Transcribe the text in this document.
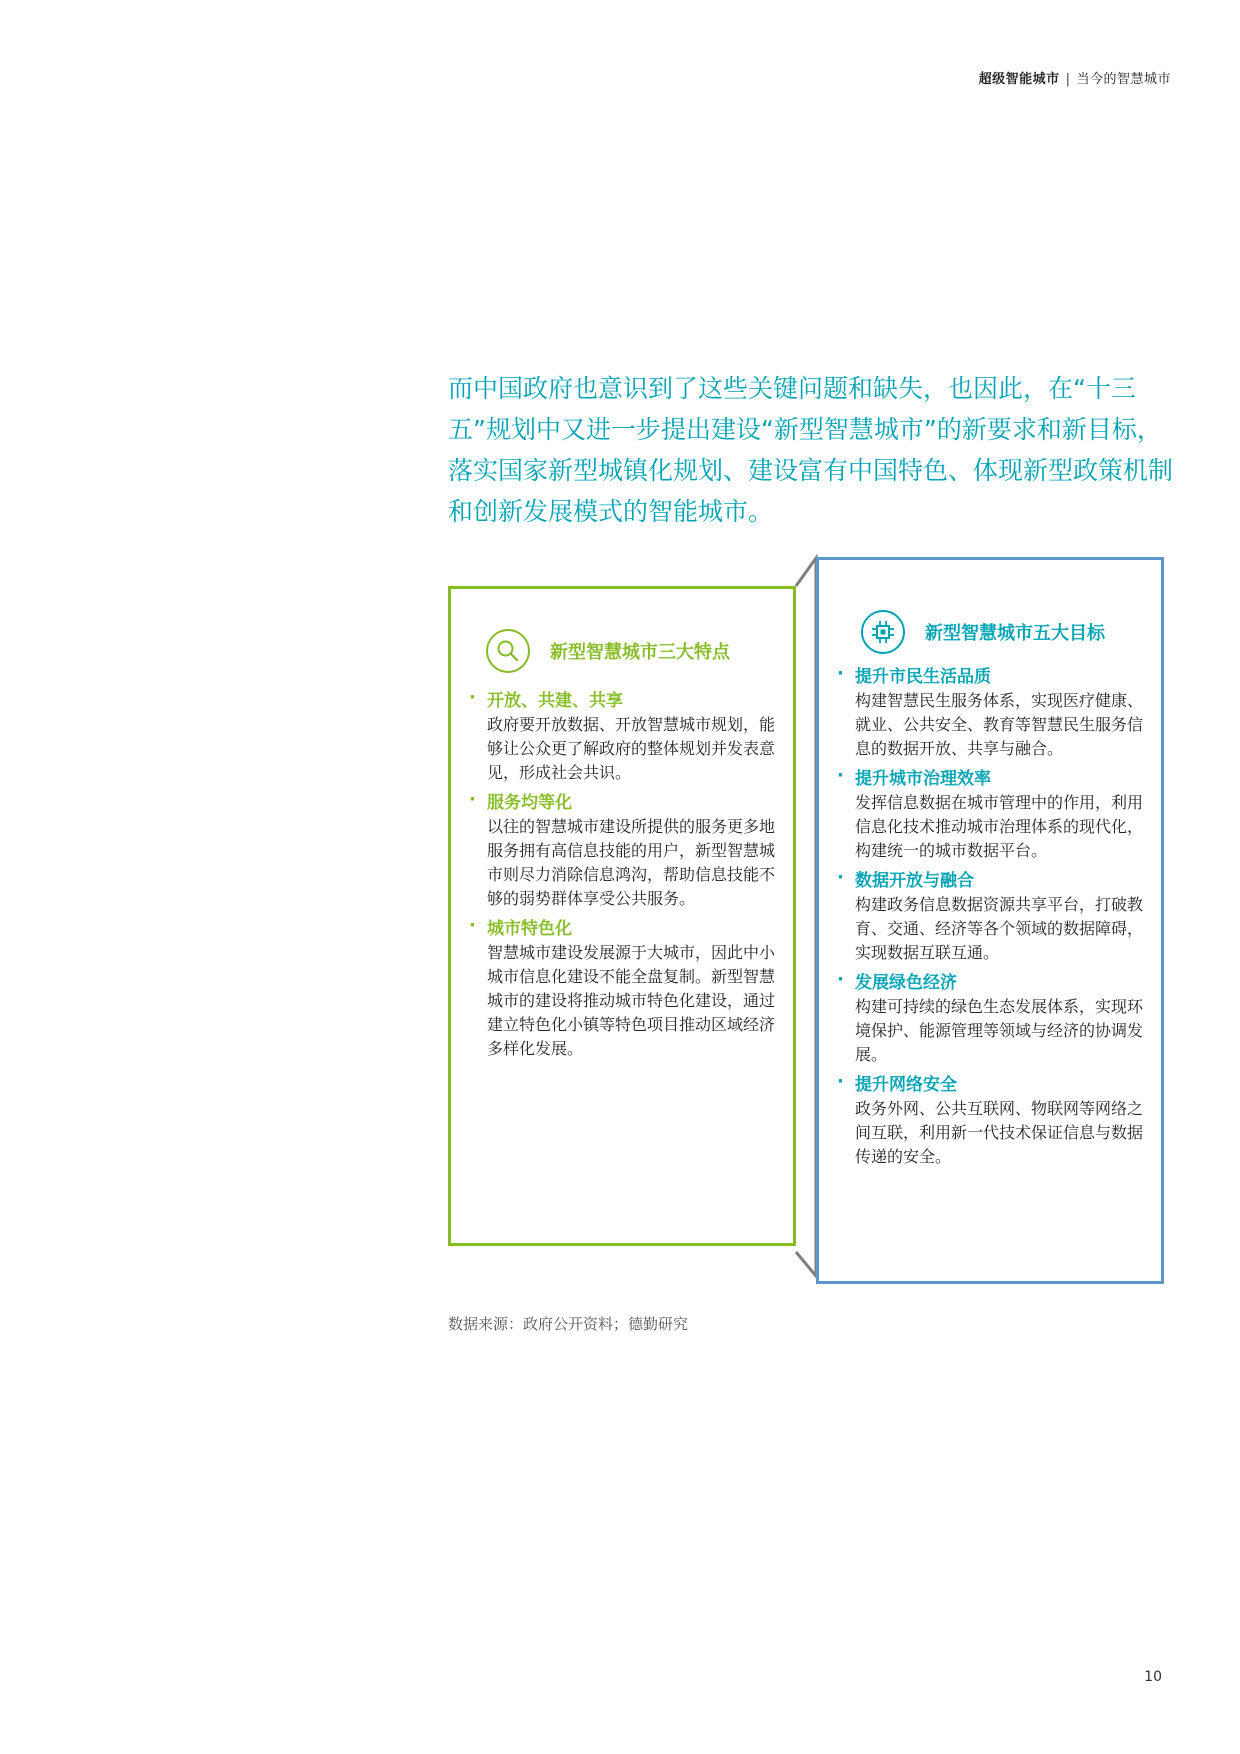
超级智能城市 | 当今的智慧城市
而中国政府也意识到了这些关键问题和缺失，也因此，在“十三五”规划中又进一步提出建设“新型智慧城市”的新要求和新目标，落实国家新型城镇化规划、建设富有中国特色、体现新型政策机制和创新发展模式的智能城市。
新型智慧城市三大特点
· 开放、共建、共享
政府要开放数据、开放智慧城市规划，能够让公众更了解政府的整体规划并发表意见，形成社会共识。
· 服务均等化
以往的智慧城市建设所提供的服务更多地服务拥有高信息技能的用户，新型智慧城市则尽力消除信息鸿沟，帮助信息技能不够的弱势群体享受公共服务。
· 城市特色化
智慧城市建设发展源于大城市，因此中小城市信息化建设不能全盘复制。新型智慧城市的建设将推动城市特色化建设，通过建立特色化小镇等特色项目推动区域经济多样化发展。
新型智慧城市五大目标
· 提升市民生活品质
构建智慧民生服务体系，实现医疗健康、就业、公共安全、教育等智慧民生服务信息的数据开放、共享与融合。
· 提升城市治理效率
发挥信息数据在城市管理中的作用，利用信息化技术推动城市治理体系的现代化，构建统一的城市数据平台。
· 数据开放与融合
构建政务信息数据资源共享平台，打破教育、交通、经济等各个领域的数据障碍，实现数据互联互通。
· 发展绿色经济
构建可持续的绿色生态发展体系，实现环境保护、能源管理等领域与经济的协调发展。
· 提升网络安全
政务外网、公共互联网、物联网等网络之间互联，利用新一代技术保证信息与数据传递的安全。
数据来源：政府公开资料；德勤研究
10
